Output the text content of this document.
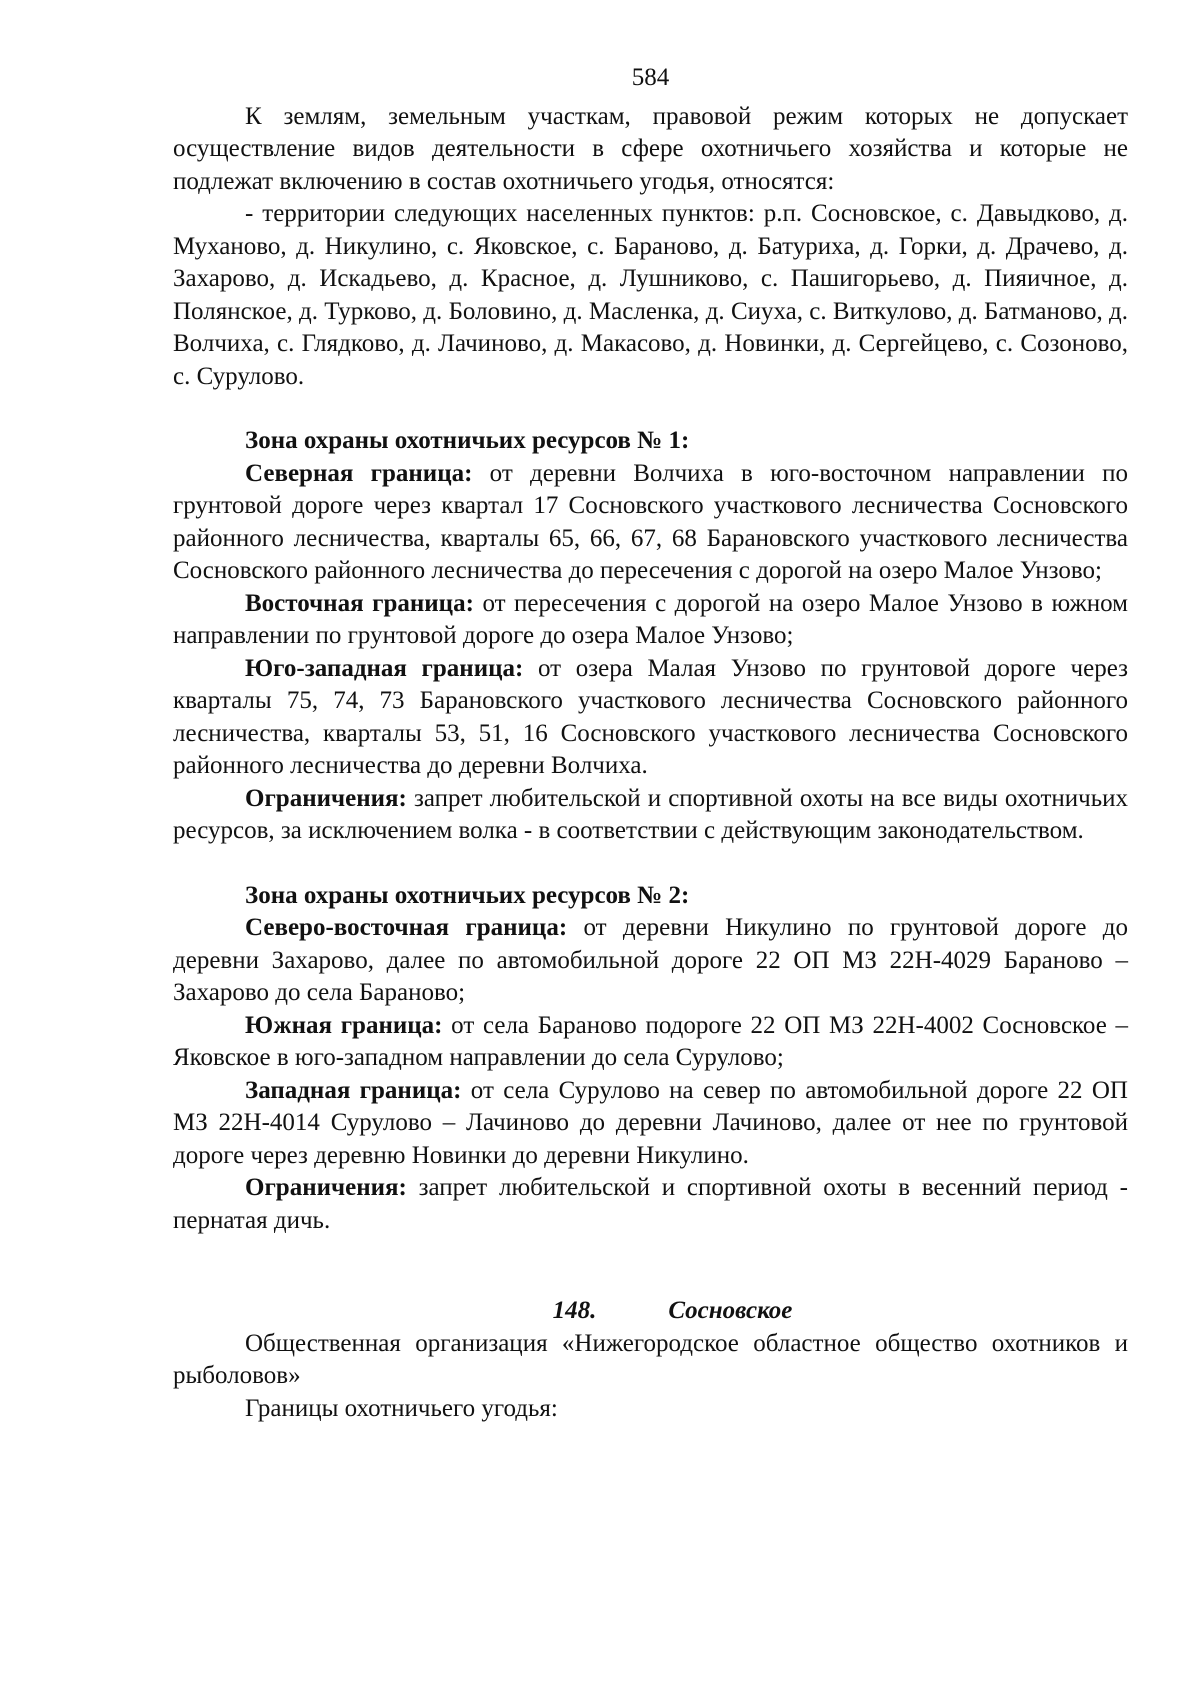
584

К землям, земельным участкам, правовой режим которых не допускает осуществление видов деятельности в сфере охотничьего хозяйства и которые не подлежат включению в состав охотничьего угодья, относятся:

- территории следующих населенных пунктов: р.п. Сосновское, с. Давыдково, д. Муханово, д. Никулино, с. Яковское, с. Бараново, д. Батуриха, д. Горки, д. Драчево, д. Захарово, д. Искадьево, д. Красное, д. Лушниково, с. Пашигорьево, д. Пияичное, д. Полянское, д. Турково, д. Боловино, д. Масленка, д. Сиуха, с. Виткулово, д. Батманово, д. Волчиха, с. Глядково, д. Лачиново, д. Макасово, д. Новинки, д. Сергейцево, с. Созоново, с. Сурулово.

Зона охраны охотничьих ресурсов № 1:

Северная граница: от деревни Волчиха в юго-восточном направлении по грунтовой дороге через квартал 17 Сосновского участкового лесничества Сосновского районного лесничества, кварталы 65, 66, 67, 68 Барановского участкового лесничества Сосновского районного лесничества до пересечения с дорогой на озеро Малое Унзово;

Восточная граница: от пересечения с дорогой на озеро Малое Унзово в южном направлении по грунтовой дороге до озера Малое Унзово;

Юго-западная граница: от озера Малая Унзово по грунтовой дороге через кварталы 75, 74, 73 Барановского участкового лесничества Сосновского районного лесничества, кварталы 53, 51, 16 Сосновского участкового лесничества Сосновского районного лесничества до деревни Волчиха.

Ограничения: запрет любительской и спортивной охоты на все виды охотничьих ресурсов, за исключением волка - в соответствии с действующим законодательством.

Зона охраны охотничьих ресурсов № 2:

Северо-восточная граница: от деревни Никулино по грунтовой дороге до деревни Захарово, далее по автомобильной дороге 22 ОП МЗ 22Н-4029 Бараново – Захарово до села Бараново;

Южная граница: от села Бараново подороге 22 ОП МЗ 22Н-4002 Сосновское – Яковское в юго-западном направлении до села Сурулово;

Западная граница: от села Сурулово на север по автомобильной дороге 22 ОП МЗ 22Н-4014 Сурулово – Лачиново до деревни Лачиново, далее от нее по грунтовой дороге через деревню Новинки до деревни Никулино.

Ограничения: запрет любительской и спортивной охоты в весенний период - пернатая дичь.

148.	Сосновское

Общественная организация «Нижегородское областное общество охотников и рыболовов»

Границы охотничьего угодья:
